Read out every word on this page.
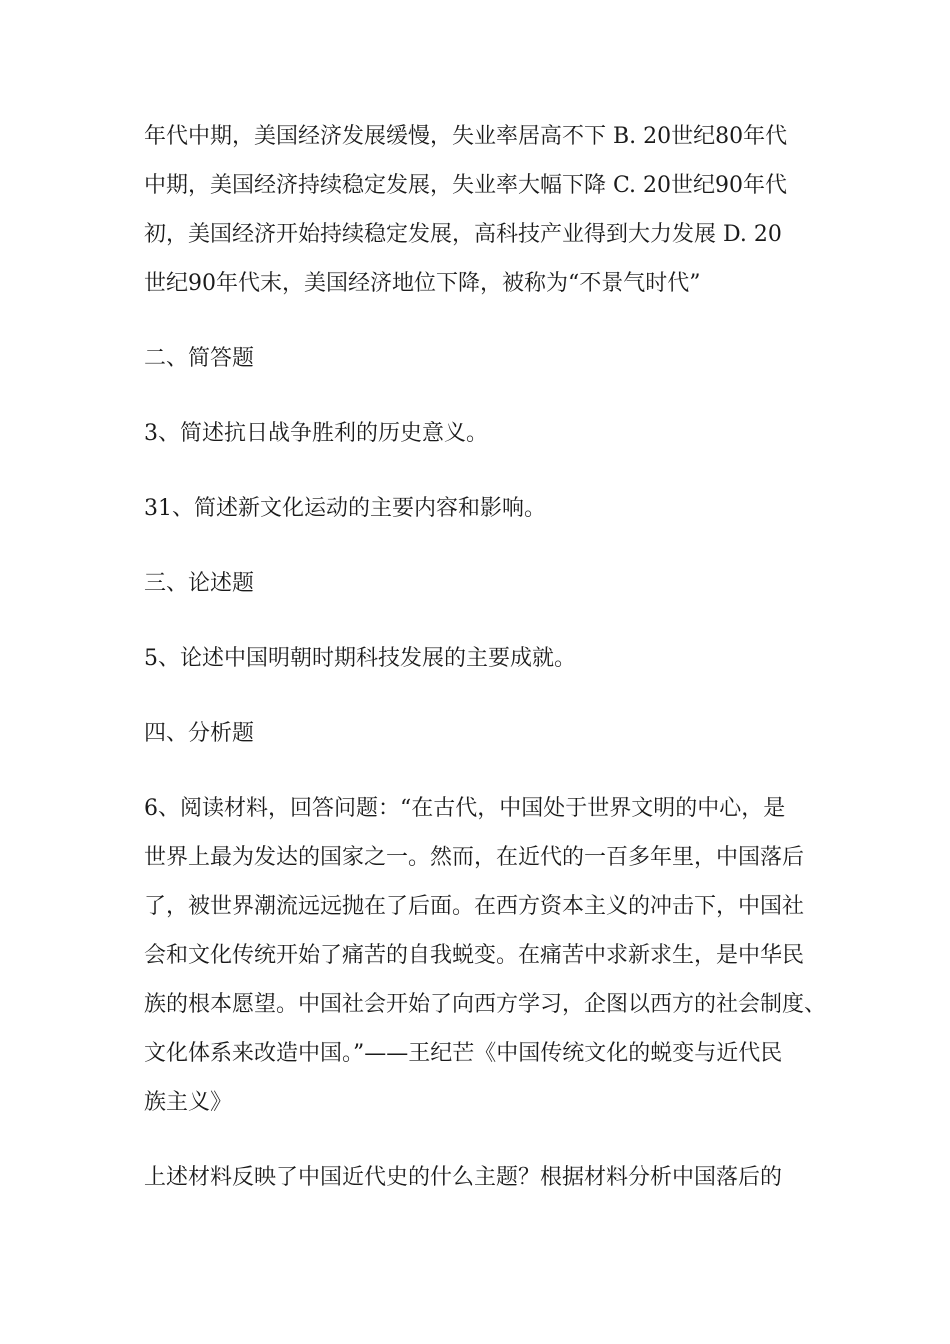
年代中期，美国经济发展缓慢，失业率居高不下 B. 20世纪80年代
中期，美国经济持续稳定发展，失业率大幅下降 C. 20世纪90年代
初，美国经济开始持续稳定发展，高科技产业得到大力发展 D. 20
世纪90年代末，美国经济地位下降，被称为“不景气时代”

二、简答题

3、简述抗日战争胜利的历史意义。

31、简述新文化运动的主要内容和影响。

三、论述题

5、论述中国明朝时期科技发展的主要成就。

四、分析题

6、阅读材料，回答问题：“在古代，中国处于世界文明的中心，是
世界上最为发达的国家之一。然而，在近代的一百多年里，中国落后
了，被世界潮流远远抛在了后面。在西方资本主义的冲击下，中国社
会和文化传统开始了痛苦的自我蜕变。在痛苦中求新求生，是中华民
族的根本愿望。中国社会开始了向西方学习，企图以西方的社会制度、
文化体系来改造中国。”——王纪芒《中国传统文化的蜕变与近代民
族主义》

上述材料反映了中国近代史的什么主题？根据材料分析中国落后的
